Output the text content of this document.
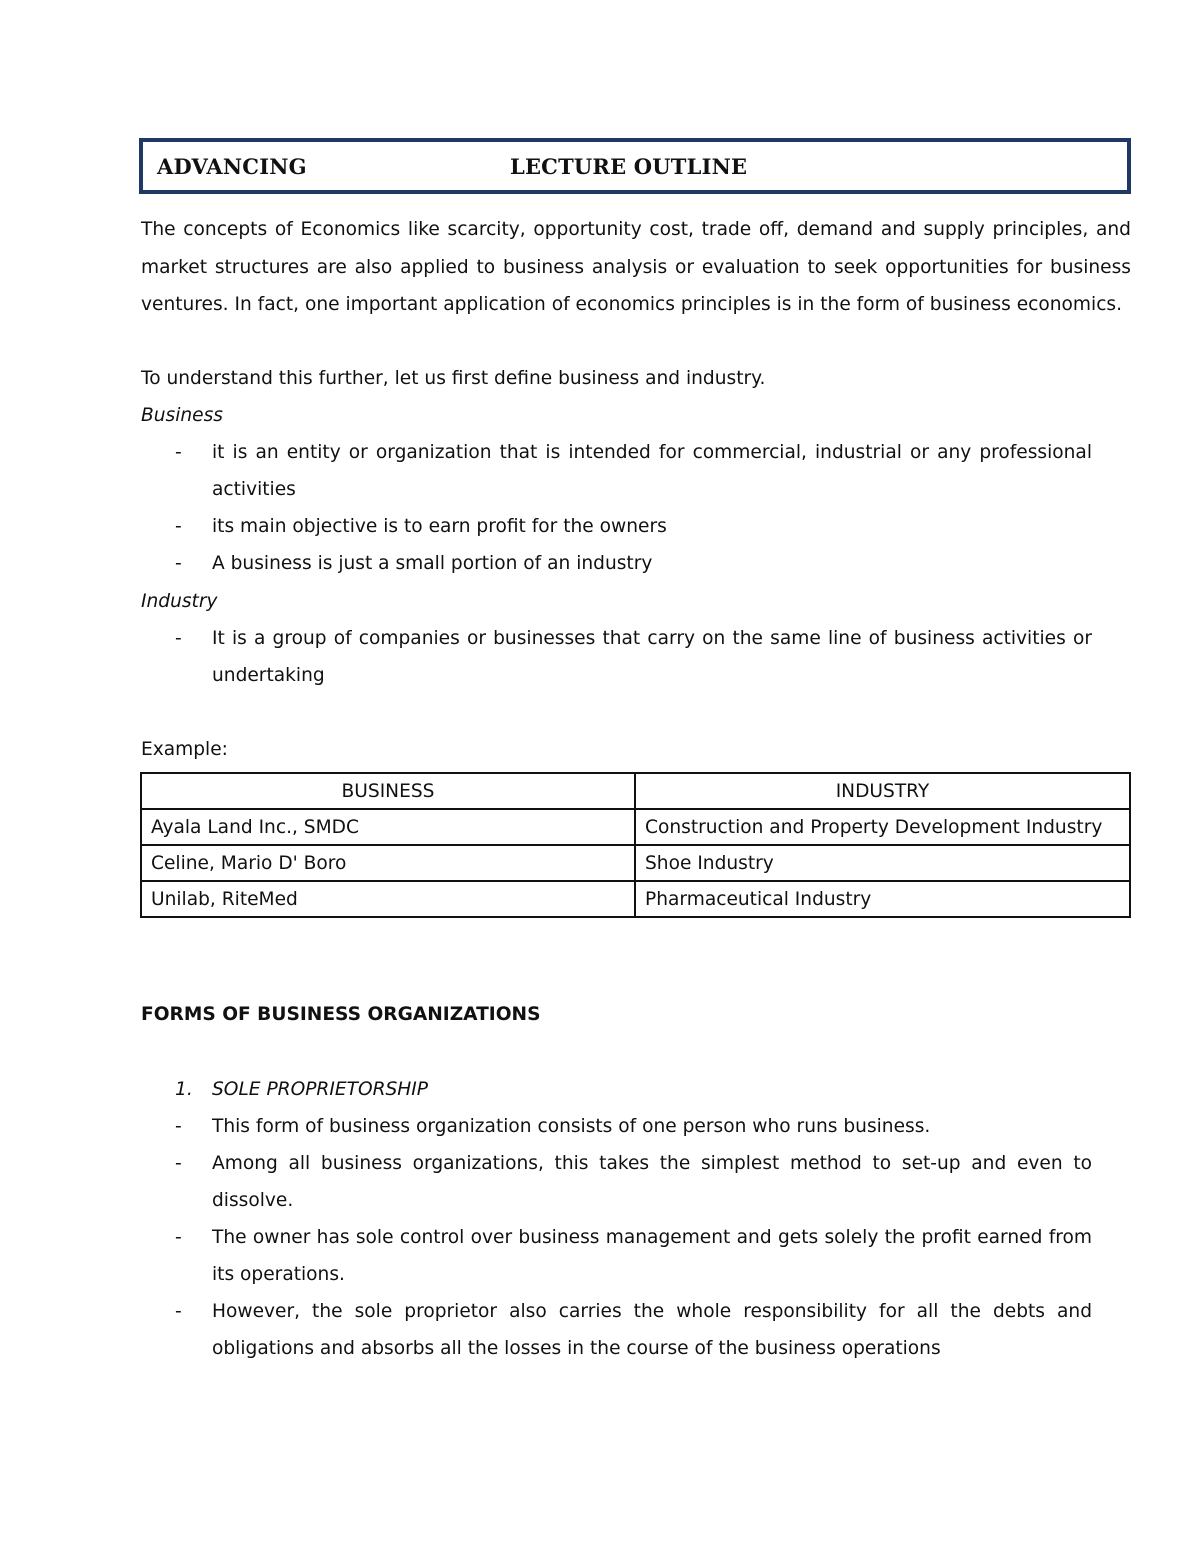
ADVANCING	LECTURE OUTLINE
The concepts of Economics like scarcity, opportunity cost, trade off, demand and supply principles, and
market structures are also applied to business analysis or evaluation to seek opportunities for business
ventures. In fact, one important application of economics principles is in the form of business economics.
To understand this further, let us first define business and industry.
Business
- it is an entity or organization that is intended for commercial, industrial or any professional
activities
- its main objective is to earn profit for the owners
- A business is just a small portion of an industry
Industry
- It is a group of companies or businesses that carry on the same line of business activities or
undertaking
Example:
BUSINESS	INDUSTRY
Ayala Land Inc., SMDC	Construction and Property Development Industry
Celine, Mario D' Boro	Shoe Industry
Unilab, RiteMed	Pharmaceutical Industry
FORMS OF BUSINESS ORGANIZATIONS
1. SOLE PROPRIETORSHIP
- This form of business organization consists of one person who runs business.
- Among all business organizations, this takes the simplest method to set-up and even to
dissolve.
- The owner has sole control over business management and gets solely the profit earned from
its operations.
- However, the sole proprietor also carries the whole responsibility for all the debts and
obligations and absorbs all the losses in the course of the business operations
